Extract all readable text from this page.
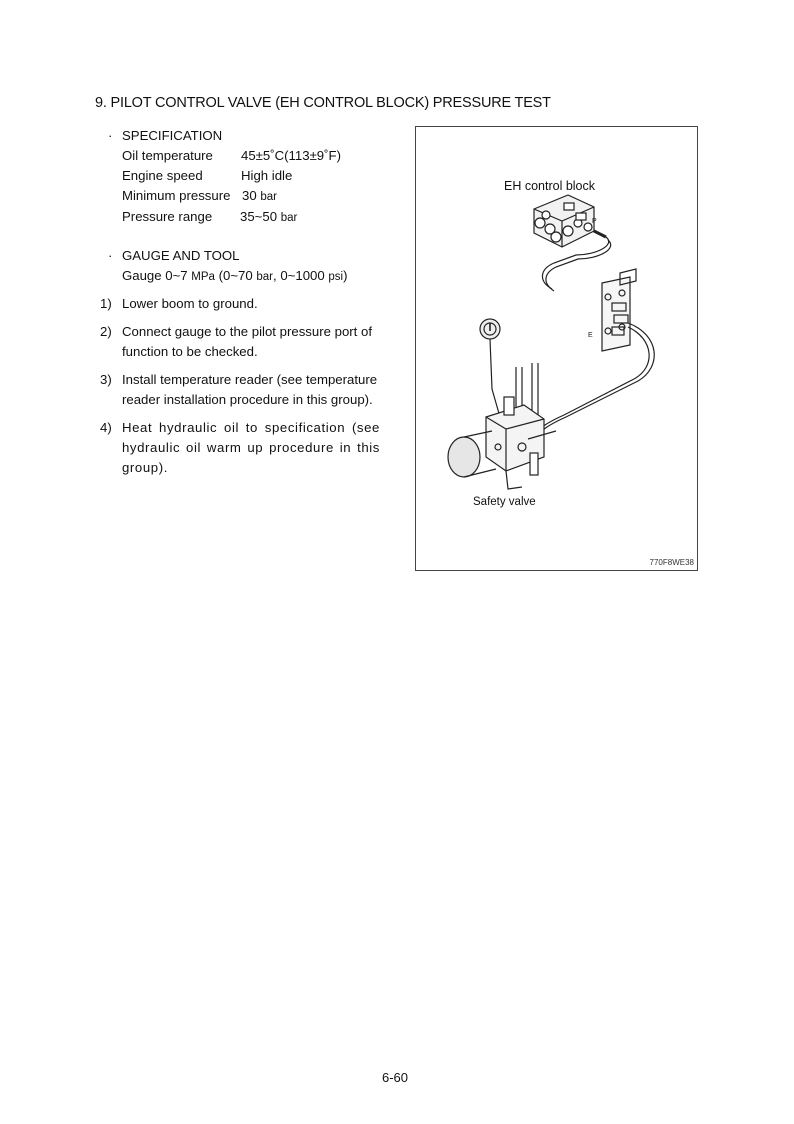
9. PILOT CONTROL VALVE (EH CONTROL BLOCK) PRESSURE TEST
· SPECIFICATION
Oil temperature 45±5˚C(113±9˚F)
Engine speed	High idle
Minimum pressure 30 bar
Pressure range 35~50 bar
· GAUGE AND TOOL
Gauge 0~7 MPa (0~70 bar, 0~1000 psi)
1) Lower boom to ground.
2) Connect gauge to the pilot pressure port of function to be checked.
3) Install temperature reader (see temperature reader installation procedure in this group).
4) Heat hydraulic oil to specification (see hydraulic oil warm up procedure in this group).
P
E
EH control block
Safety valve
770F8WE38
6-60
